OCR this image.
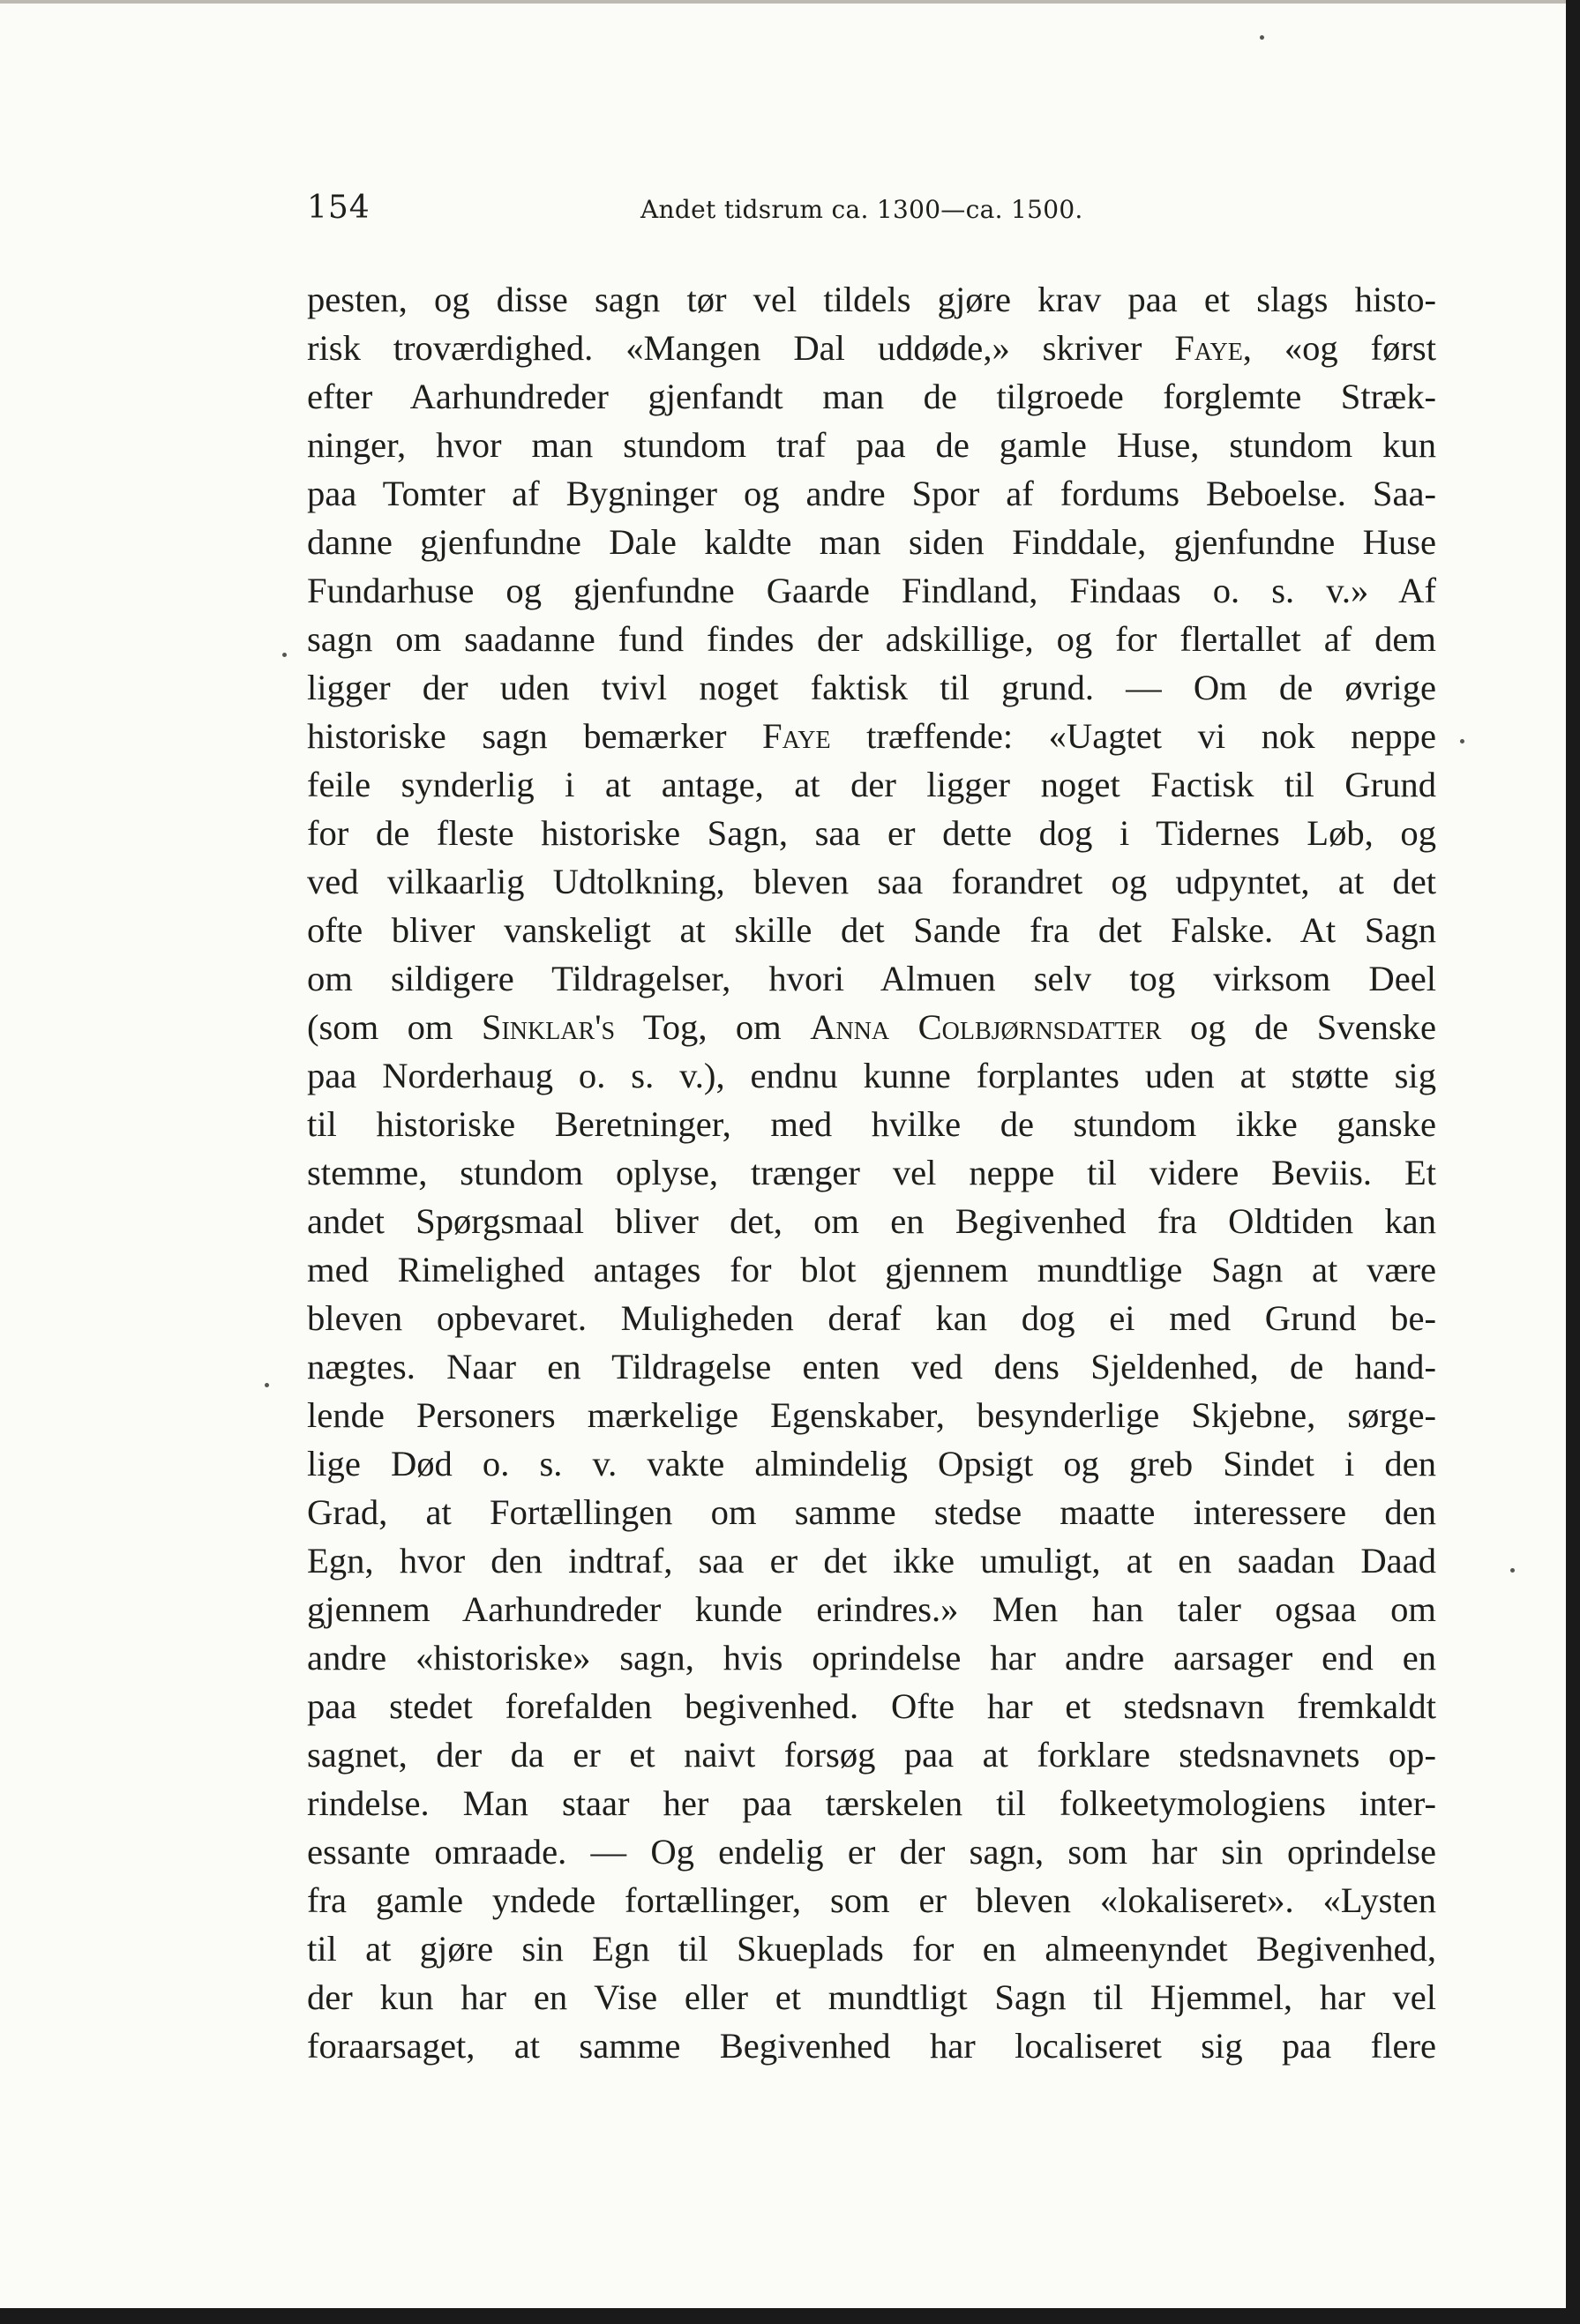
154	Andet tidsrum ca. 1300—ca. 1500.
pesten, og disse sagn tør vel tildels gjøre krav paa et slags histo-
risk troværdighed. «Mangen Dal uddøde,» skriver Faye, «og først
efter Aarhundreder gjenfandt man de tilgroede forglemte Stræk-
ninger, hvor man stundom traf paa de gamle Huse, stundom kun
paa Tomter af Bygninger og andre Spor af fordums Beboelse. Saa-
danne gjenfundne Dale kaldte man siden Finddale, gjenfundne Huse
Fundarhuse og gjenfundne Gaarde Findland, Findaas o. s. v.» Af
sagn om saadanne fund findes der adskillige, og for flertallet af dem
ligger der uden tvivl noget faktisk til grund. — Om de øvrige
historiske sagn bemærker Faye træffende: «Uagtet vi nok neppe
feile synderlig i at antage, at der ligger noget Factisk til Grund
for de fleste historiske Sagn, saa er dette dog i Tidernes Løb, og
ved vilkaarlig Udtolkning, bleven saa forandret og udpyntet, at det
ofte bliver vanskeligt at skille det Sande fra det Falske. At Sagn
om sildigere Tildragelser, hvori Almuen selv tog virksom Deel
(som om Sinklar's Tog, om Anna Colbjørnsdatter og de Svenske
paa Norderhaug o. s. v.), endnu kunne forplantes uden at støtte sig
til historiske Beretninger, med hvilke de stundom ikke ganske
stemme, stundom oplyse, trænger vel neppe til videre Beviis. Et
andet Spørgsmaal bliver det, om en Begivenhed fra Oldtiden kan
med Rimelighed antages for blot gjennem mundtlige Sagn at være
bleven opbevaret. Muligheden deraf kan dog ei med Grund be-
nægtes. Naar en Tildragelse enten ved dens Sjeldenhed, de hand-
lende Personers mærkelige Egenskaber, besynderlige Skjebne, sørge-
lige Død o. s. v. vakte almindelig Opsigt og greb Sindet i den
Grad, at Fortællingen om samme stedse maatte interessere den
Egn, hvor den indtraf, saa er det ikke umuligt, at en saadan Daad
gjennem Aarhundreder kunde erindres.» Men han taler ogsaa om
andre «historiske» sagn, hvis oprindelse har andre aarsager end en
paa stedet forefalden begivenhed. Ofte har et stedsnavn fremkaldt
sagnet, der da er et naivt forsøg paa at forklare stedsnavnets op-
rindelse. Man staar her paa tærskelen til folkeetymologiens inter-
essante omraade. — Og endelig er der sagn, som har sin oprindelse
fra gamle yndede fortællinger, som er bleven «lokaliseret». «Lysten
til at gjøre sin Egn til Skueplads for en almeenyndet Begivenhed,
der kun har en Vise eller et mundtligt Sagn til Hjemmel, har vel
foraarsaget, at samme Begivenhed har localiseret sig paa flere
